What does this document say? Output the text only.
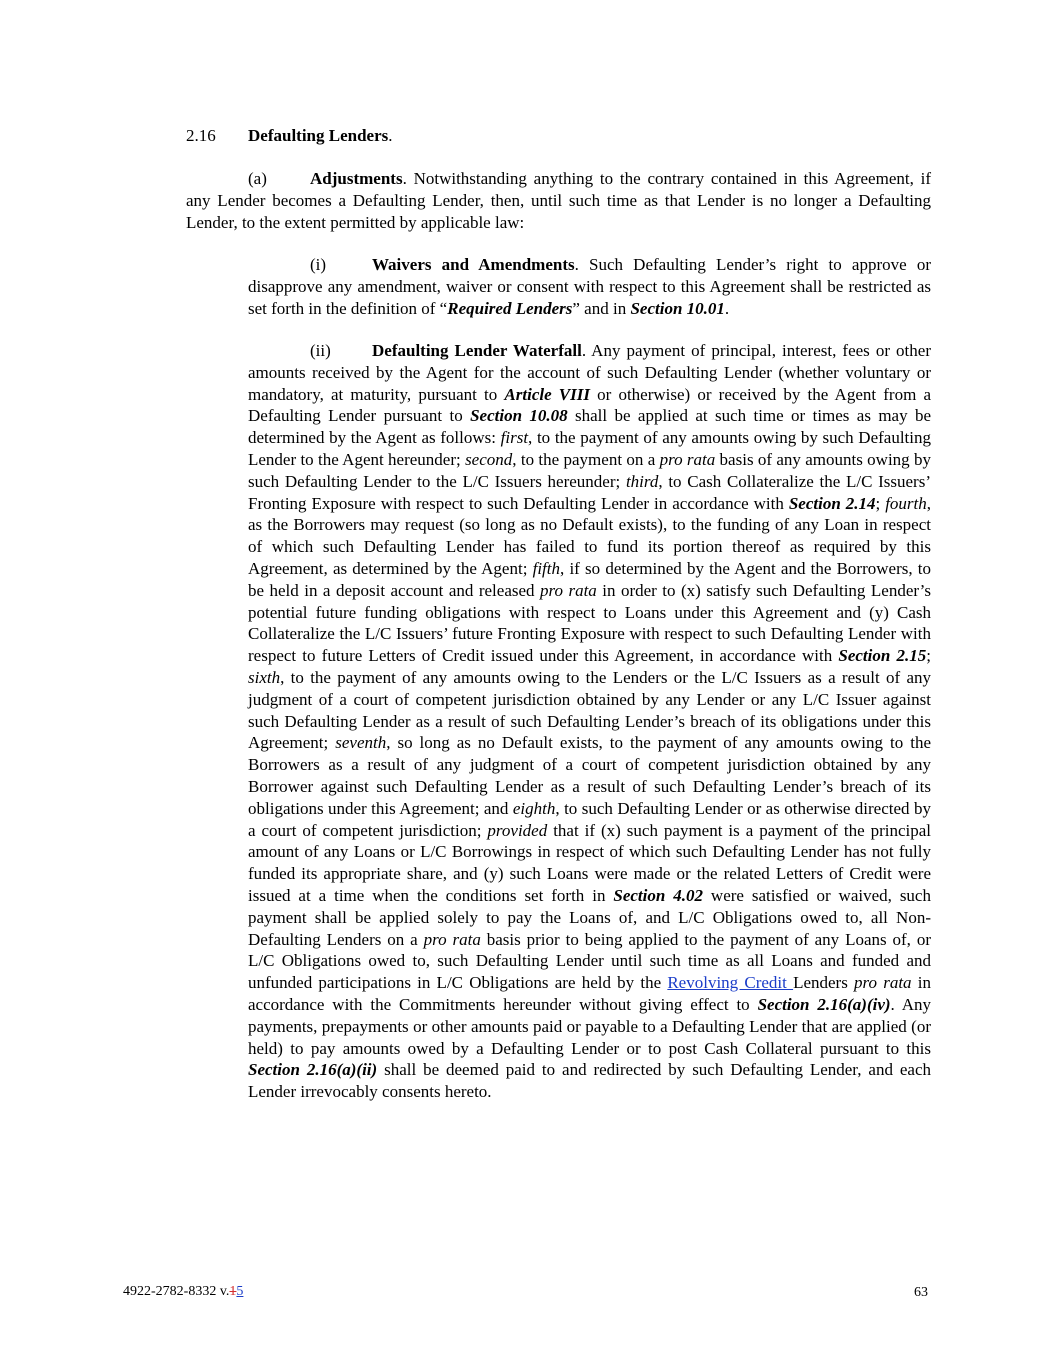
2.16 Defaulting Lenders.
(a)	Adjustments. Notwithstanding anything to the contrary contained in this Agreement, if any Lender becomes a Defaulting Lender, then, until such time as that Lender is no longer a Defaulting Lender, to the extent permitted by applicable law:
(i)	Waivers and Amendments. Such Defaulting Lender’s right to approve or disapprove any amendment, waiver or consent with respect to this Agreement shall be restricted as set forth in the definition of “Required Lenders” and in Section 10.01.
(ii) Defaulting Lender Waterfall. Any payment of principal, interest, fees or other amounts received by the Agent for the account of such Defaulting Lender (whether voluntary or mandatory, at maturity, pursuant to Article VIII or otherwise) or received by the Agent from a Defaulting Lender pursuant to Section 10.08 shall be applied at such time or times as may be determined by the Agent as follows: first, to the payment of any amounts owing by such Defaulting Lender to the Agent hereunder; second, to the payment on a pro rata basis of any amounts owing by such Defaulting Lender to the L/C Issuers hereunder; third, to Cash Collateralize the L/C Issuers’ Fronting Exposure with respect to such Defaulting Lender in accordance with Section 2.14; fourth, as the Borrowers may request (so long as no Default exists), to the funding of any Loan in respect of which such Defaulting Lender has failed to fund its portion thereof as required by this Agreement, as determined by the Agent; fifth, if so determined by the Agent and the Borrowers, to be held in a deposit account and released pro rata in order to (x) satisfy such Defaulting Lender’s potential future funding obligations with respect to Loans under this Agreement and (y) Cash Collateralize the L/C Issuers’ future Fronting Exposure with respect to such Defaulting Lender with respect to future Letters of Credit issued under this Agreement, in accordance with Section 2.15; sixth, to the payment of any amounts owing to the Lenders or the L/C Issuers as a result of any judgment of a court of competent jurisdiction obtained by any Lender or any L/C Issuer against such Defaulting Lender as a result of such Defaulting Lender’s breach of its obligations under this Agreement; seventh, so long as no Default exists, to the payment of any amounts owing to the Borrowers as a result of any judgment of a court of competent jurisdiction obtained by any Borrower against such Defaulting Lender as a result of such Defaulting Lender’s breach of its obligations under this Agreement; and eighth, to such Defaulting Lender or as otherwise directed by a court of competent jurisdiction; provided that if (x) such payment is a payment of the principal amount of any Loans or L/C Borrowings in respect of which such Defaulting Lender has not fully funded its appropriate share, and (y) such Loans were made or the related Letters of Credit were issued at a time when the conditions set forth in Section 4.02 were satisfied or waived, such payment shall be applied solely to pay the Loans of, and L/C Obligations owed to, all Non-Defaulting Lenders on a pro rata basis prior to being applied to the payment of any Loans of, or L/C Obligations owed to, such Defaulting Lender until such time as all Loans and funded and unfunded participations in L/C Obligations are held by the Revolving Credit Lenders pro rata in accordance with the Commitments hereunder without giving effect to Section 2.16(a)(iv). Any payments, prepayments or other amounts paid or payable to a Defaulting Lender that are applied (or held) to pay amounts owed by a Defaulting Lender or to post Cash Collateral pursuant to this Section 2.16(a)(ii) shall be deemed paid to and redirected by such Defaulting Lender, and each Lender irrevocably consents hereto.
4922-2782-8332 v.15	63
